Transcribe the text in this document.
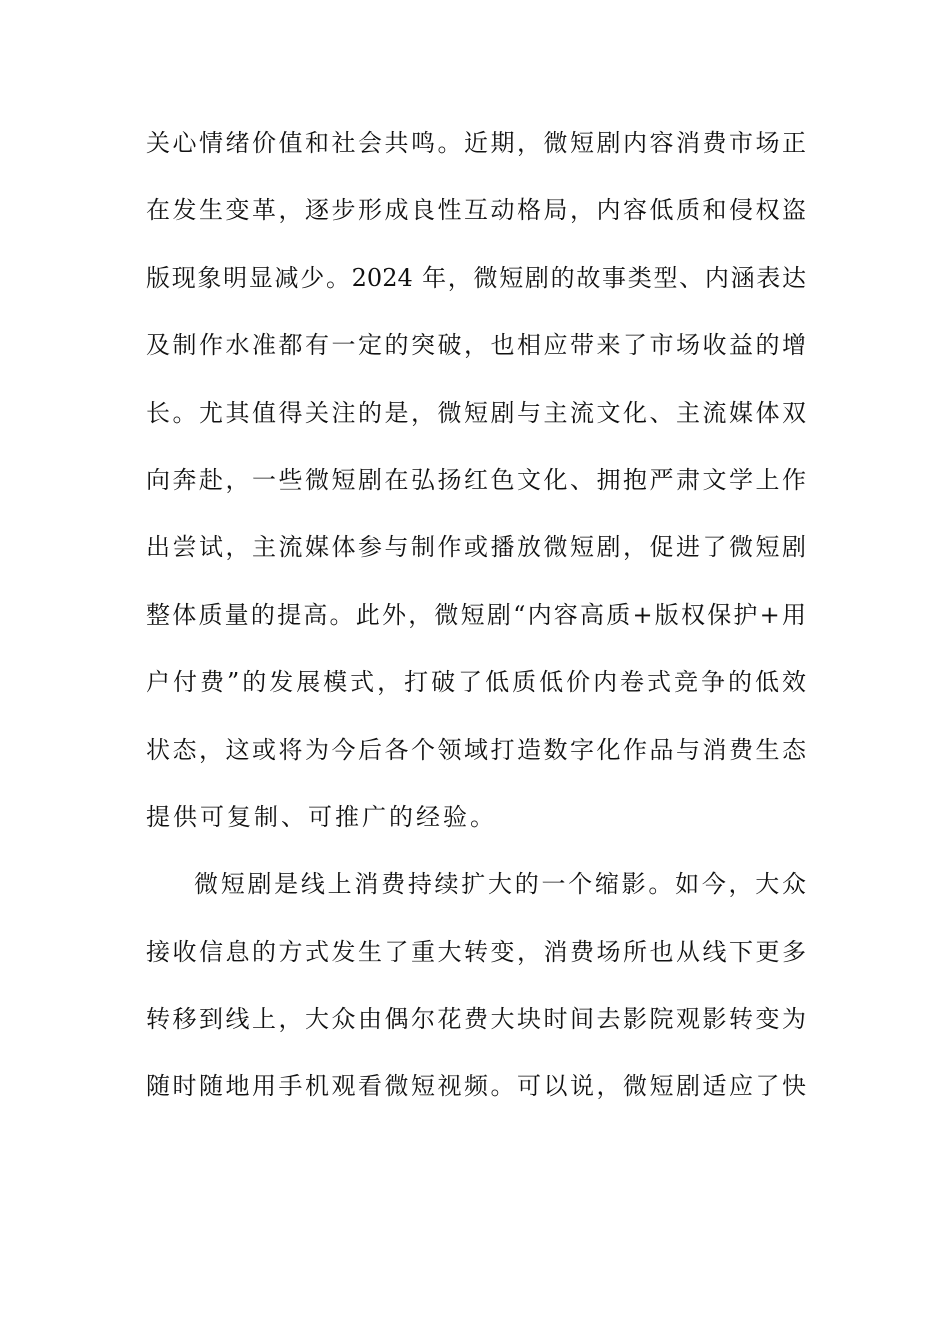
关心情绪价值和社会共鸣。近期，微短剧内容消费市场正
在发生变革，逐步形成良性互动格局，内容低质和侵权盗
版现象明显减少。2024 年，微短剧的故事类型、内涵表达
及制作水准都有一定的突破，也相应带来了市场收益的增
长。尤其值得关注的是，微短剧与主流文化、主流媒体双
向奔赴，一些微短剧在弘扬红色文化、拥抱严肃文学上作
出尝试，主流媒体参与制作或播放微短剧，促进了微短剧
整体质量的提高。此外，微短剧“内容高质+版权保护+用
户付费”的发展模式，打破了低质低价内卷式竞争的低效
状态，这或将为今后各个领域打造数字化作品与消费生态
提供可复制、可推广的经验。
微短剧是线上消费持续扩大的一个缩影。如今，大众
接收信息的方式发生了重大转变，消费场所也从线下更多
转移到线上，大众由偶尔花费大块时间去影院观影转变为
随时随地用手机观看微短视频。可以说，微短剧适应了快
